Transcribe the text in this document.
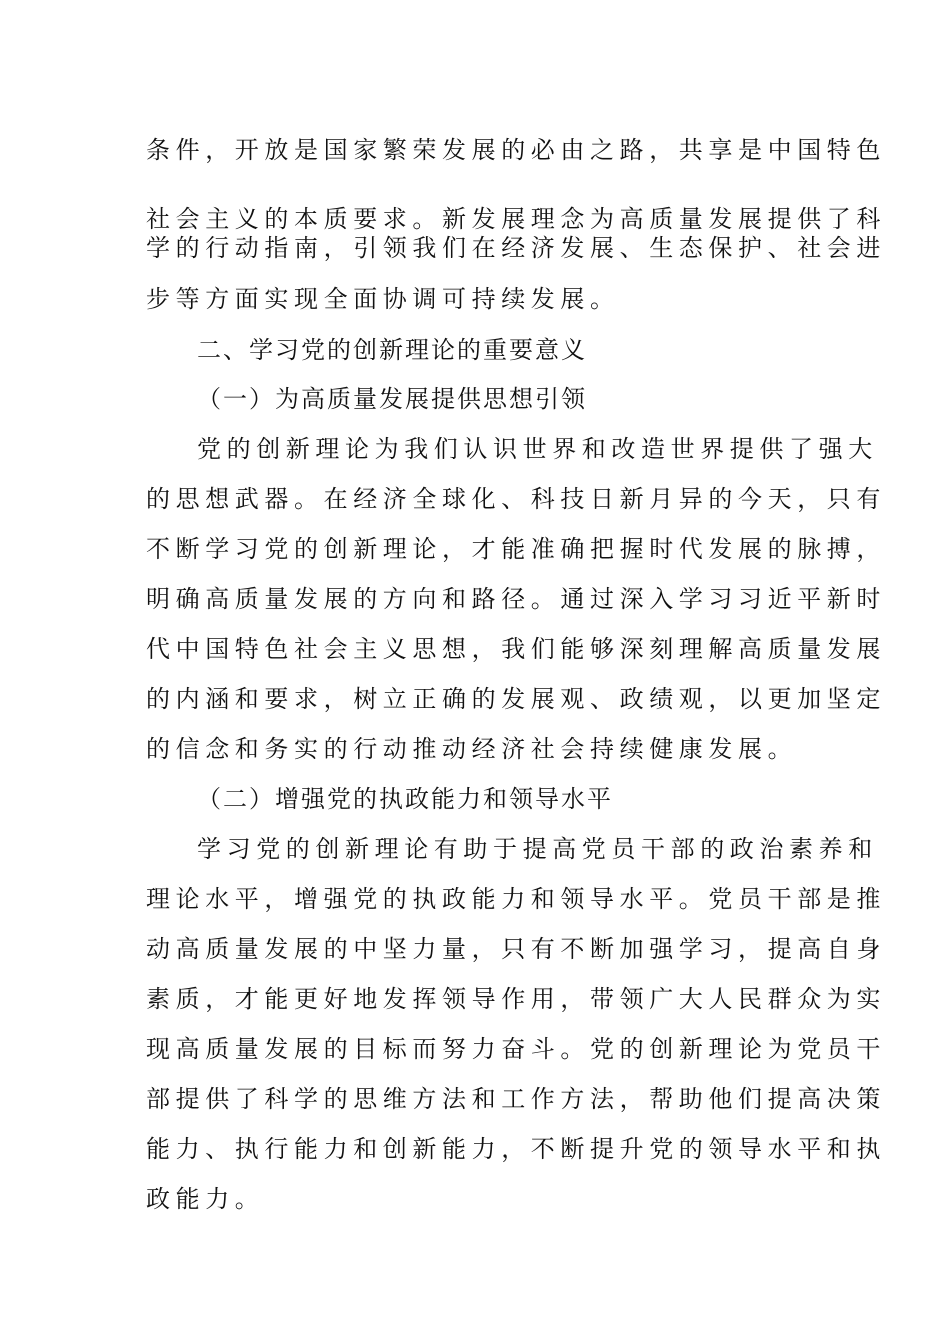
条件，开放是国家繁荣发展的必由之路，共享是中国特色
社会主义的本质要求。新发展理念为高质量发展提供了科
学的行动指南，引领我们在经济发展、生态保护、社会进
步等方面实现全面协调可持续发展。
二、学习党的创新理论的重要意义
（一）为高质量发展提供思想引领
党的创新理论为我们认识世界和改造世界提供了强大
的思想武器。在经济全球化、科技日新月异的今天，只有
不断学习党的创新理论，才能准确把握时代发展的脉搏，
明确高质量发展的方向和路径。通过深入学习习近平新时
代中国特色社会主义思想，我们能够深刻理解高质量发展
的内涵和要求，树立正确的发展观、政绩观，以更加坚定
的信念和务实的行动推动经济社会持续健康发展。
（二）增强党的执政能力和领导水平
学习党的创新理论有助于提高党员干部的政治素养和
理论水平，增强党的执政能力和领导水平。党员干部是推
动高质量发展的中坚力量，只有不断加强学习，提高自身
素质，才能更好地发挥领导作用，带领广大人民群众为实
现高质量发展的目标而努力奋斗。党的创新理论为党员干
部提供了科学的思维方法和工作方法，帮助他们提高决策
能力、执行能力和创新能力，不断提升党的领导水平和执
政能力。
